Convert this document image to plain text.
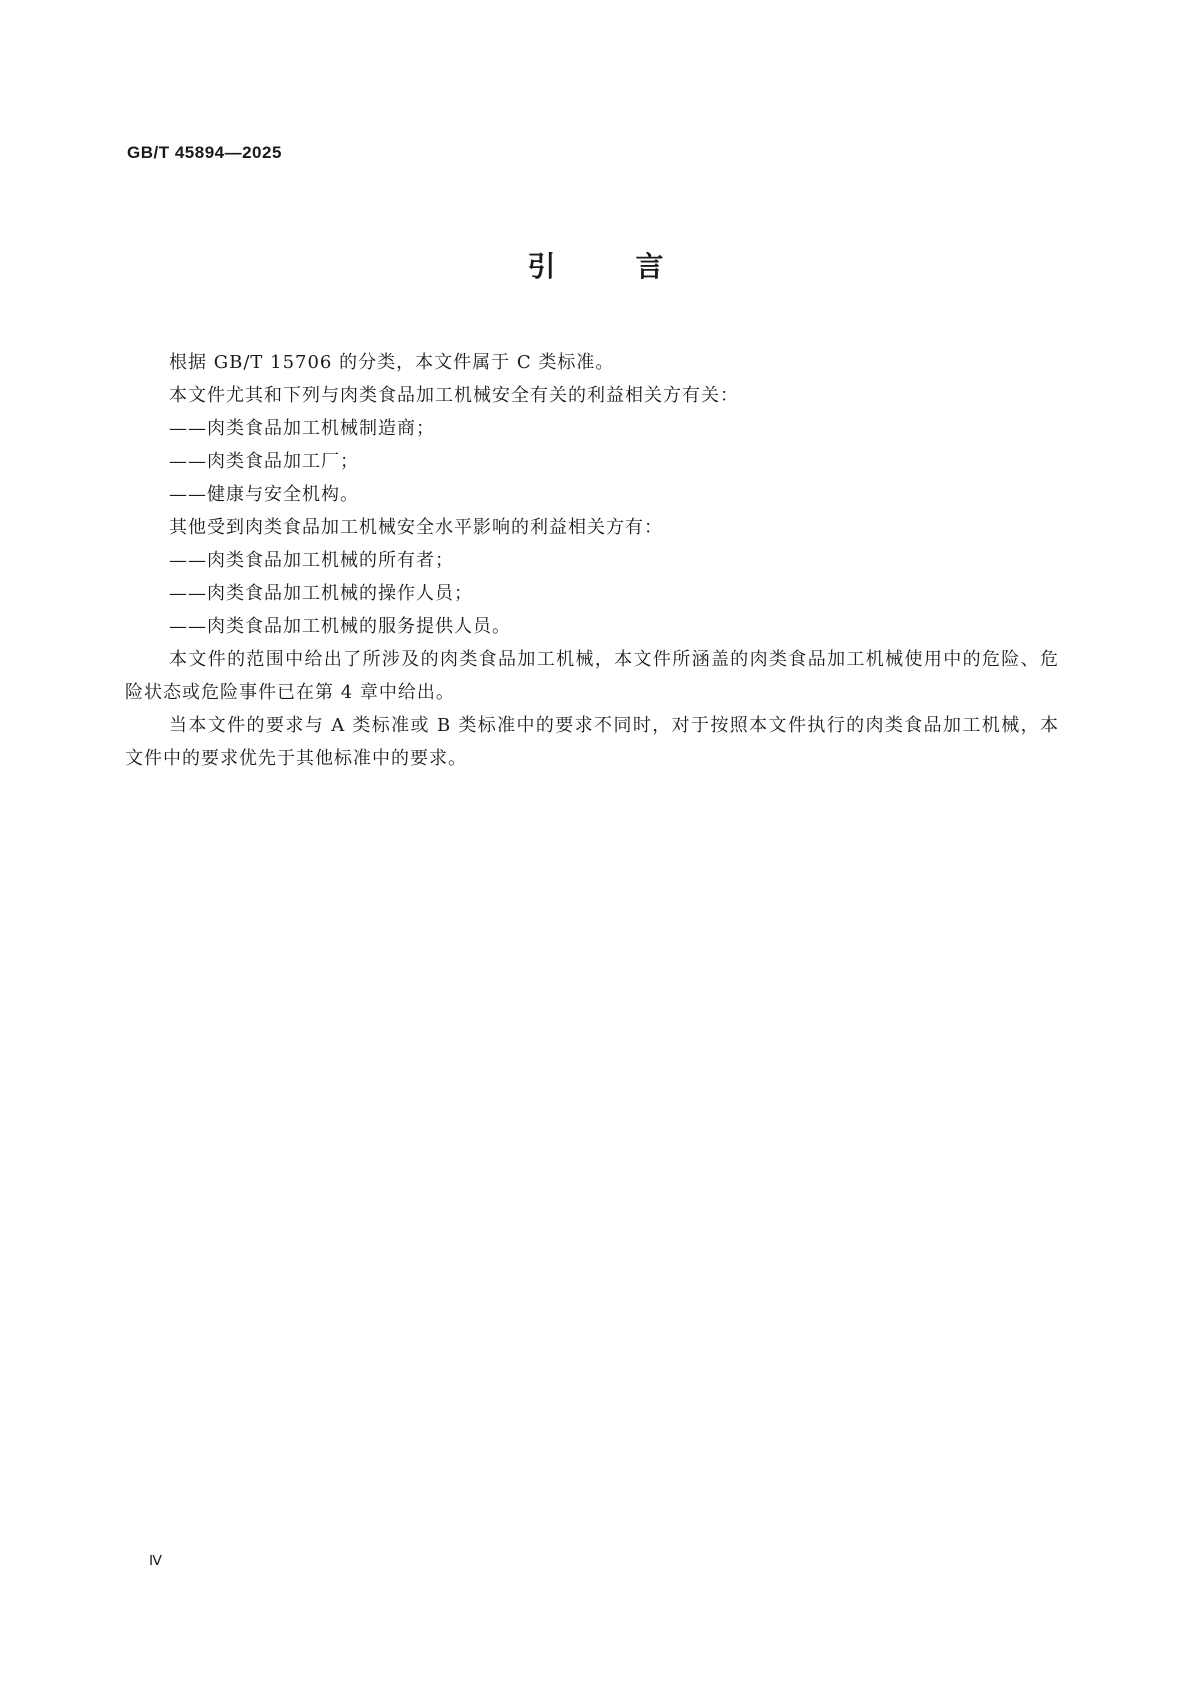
GB/T 45894—2025
引	言

根据 GB/T 15706 的分类，本文件属于 C 类标准。

本文件尤其和下列与肉类食品加工机械安全有关的利益相关方有关：

——肉类食品加工机械制造商；

——肉类食品加工厂；

——健康与安全机构。

其他受到肉类食品加工机械安全水平影响的利益相关方有：

——肉类食品加工机械的所有者；

——肉类食品加工机械的操作人员；

——肉类食品加工机械的服务提供人员。

本文件的范围中给出了所涉及的肉类食品加工机械，本文件所涵盖的肉类食品加工机械使用中的危险、危险状态或危险事件已在第 4 章中给出。

当本文件的要求与 A 类标准或 B 类标准中的要求不同时，对于按照本文件执行的肉类食品加工机械，本文件中的要求优先于其他标准中的要求。

Ⅳ
